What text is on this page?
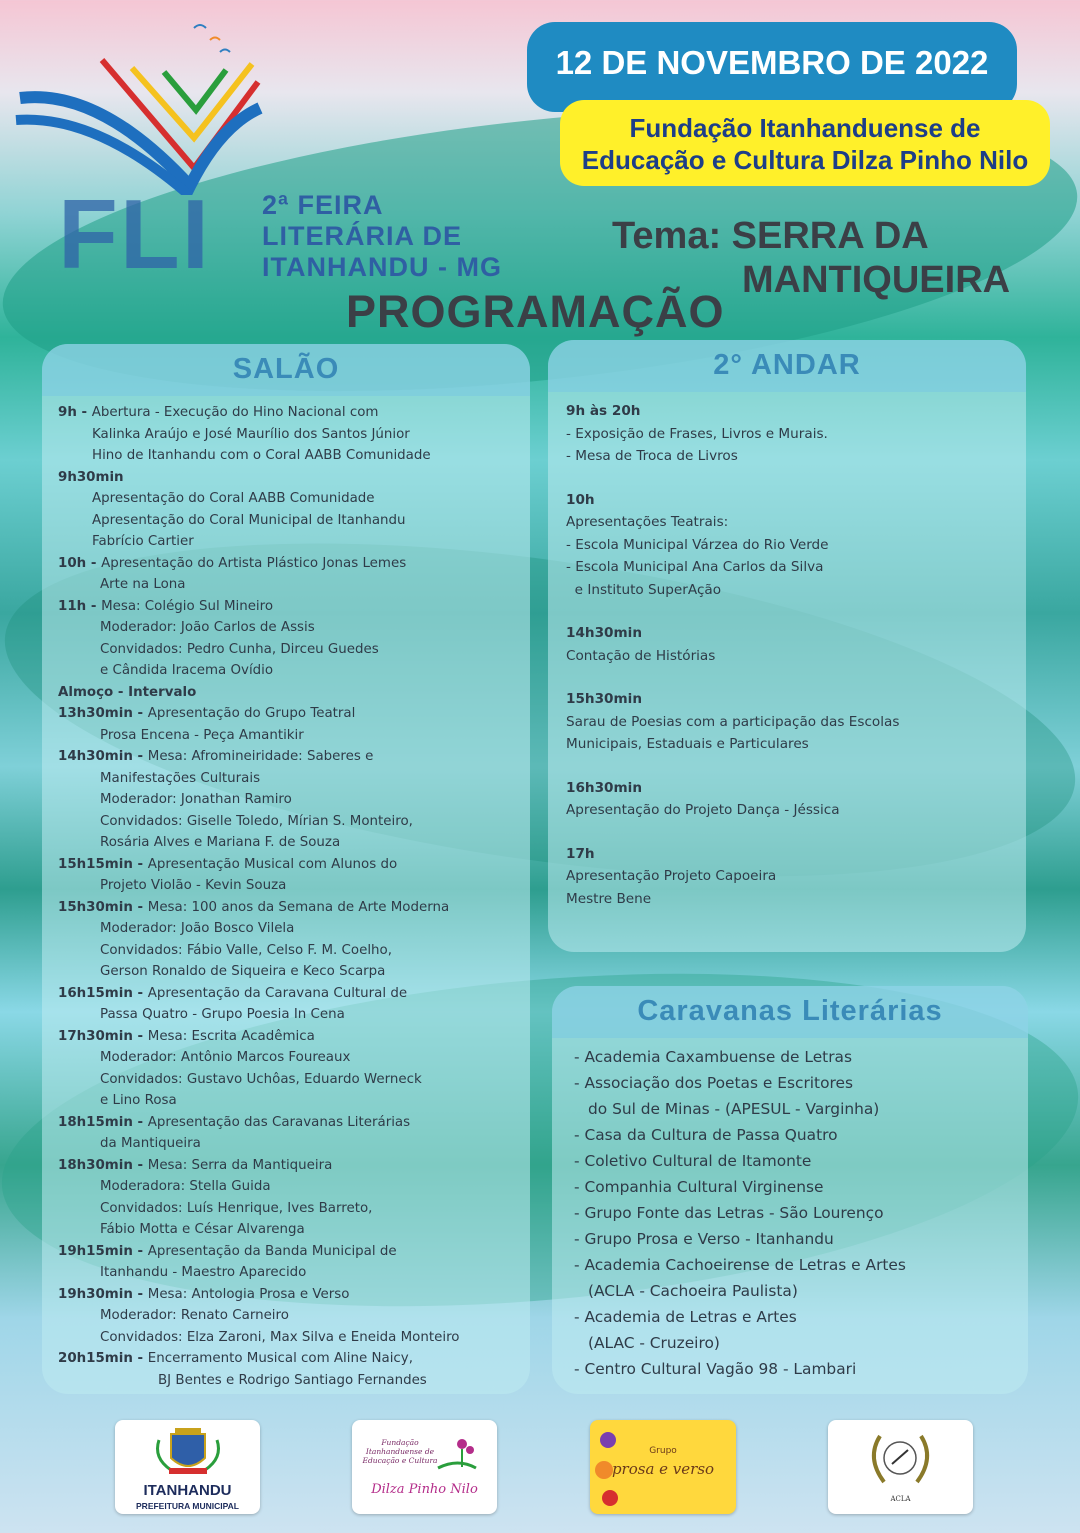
FLI 2ª FEIRA
LITERÁRIA DE
ITANHANDU - MG
12 DE NOVEMBRO DE 2022
Fundação Itanhanduense de
Educação e Cultura Dilza Pinho Nilo
Tema: SERRA DA
MANTIQUEIRA
PROGRAMAÇÃO
SALÃO
9h - Abertura - Execução do Hino Nacional com
Kalinka Araújo e José Maurílio dos Santos Júnior
Hino de Itanhandu com o Coral AABB Comunidade
9h30min
Apresentação do Coral AABB Comunidade
Apresentação do Coral Municipal de Itanhandu
Fabrício Cartier
10h - Apresentação do Artista Plástico Jonas Lemes
Arte na Lona
11h - Mesa: Colégio Sul Mineiro
Moderador: João Carlos de Assis
Convidados: Pedro Cunha, Dirceu Guedes
e Cândida Iracema Ovídio
Almoço - Intervalo
13h30min - Apresentação do Grupo Teatral
Prosa Encena - Peça Amantikir
14h30min - Mesa: Afromineiridade: Saberes e
Manifestações Culturais
Moderador: Jonathan Ramiro
Convidados: Giselle Toledo, Mírian S. Monteiro,
Rosária Alves e Mariana F. de Souza
15h15min - Apresentação Musical com Alunos do
Projeto Violão - Kevin Souza
15h30min - Mesa: 100 anos da Semana de Arte Moderna
Moderador: João Bosco Vilela
Convidados: Fábio Valle, Celso F. M. Coelho,
Gerson Ronaldo de Siqueira e Keco Scarpa
16h15min - Apresentação da Caravana Cultural de
Passa Quatro - Grupo Poesia In Cena
17h30min - Mesa: Escrita Acadêmica
Moderador: Antônio Marcos Foureaux
Convidados: Gustavo Uchôas, Eduardo Werneck
e Lino Rosa
18h15min - Apresentação das Caravanas Literárias
da Mantiqueira
18h30min - Mesa: Serra da Mantiqueira
Moderadora: Stella Guida
Convidados: Luís Henrique, Ives Barreto,
Fábio Motta e César Alvarenga
19h15min - Apresentação da Banda Municipal de
Itanhandu - Maestro Aparecido
19h30min - Mesa: Antologia Prosa e Verso
Moderador: Renato Carneiro
Convidados: Elza Zaroni, Max Silva e Eneida Monteiro
20h15min - Encerramento Musical com Aline Naicy,
BJ Bentes e Rodrigo Santiago Fernandes
2° ANDAR
9h às 20h
- Exposição de Frases, Livros e Murais.
- Mesa de Troca de Livros
10h
Apresentações Teatrais:
- Escola Municipal Várzea do Rio Verde
- Escola Municipal Ana Carlos da Silva
e Instituto SuperAção
14h30min
Contação de Histórias
15h30min
Sarau de Poesias com a participação das Escolas
Municipais, Estaduais e Particulares
16h30min
Apresentação do Projeto Dança - Jéssica
17h
Apresentação Projeto Capoeira
Mestre Bene
Caravanas Literárias
- Academia Caxambuense de Letras
- Associação dos Poetas e Escritores
do Sul de Minas - (APESUL - Varginha)
- Casa da Cultura de Passa Quatro
- Coletivo Cultural de Itamonte
- Companhia Cultural Virginense
- Grupo Fonte das Letras - São Lourenço
- Grupo Prosa e Verso - Itanhandu
- Academia Cachoeirense de Letras e Artes
(ACLA - Cachoeira Paulista)
- Academia de Letras e Artes
(ALAC - Cruzeiro)
- Centro Cultural Vagão 98 - Lambari
ITANHANDU
PREFEITURA MUNICIPAL
Fundação Itanhanduense de Educação e Cultura
Dilza Pinho Nilo
Grupo
prosa e verso
ACLA
